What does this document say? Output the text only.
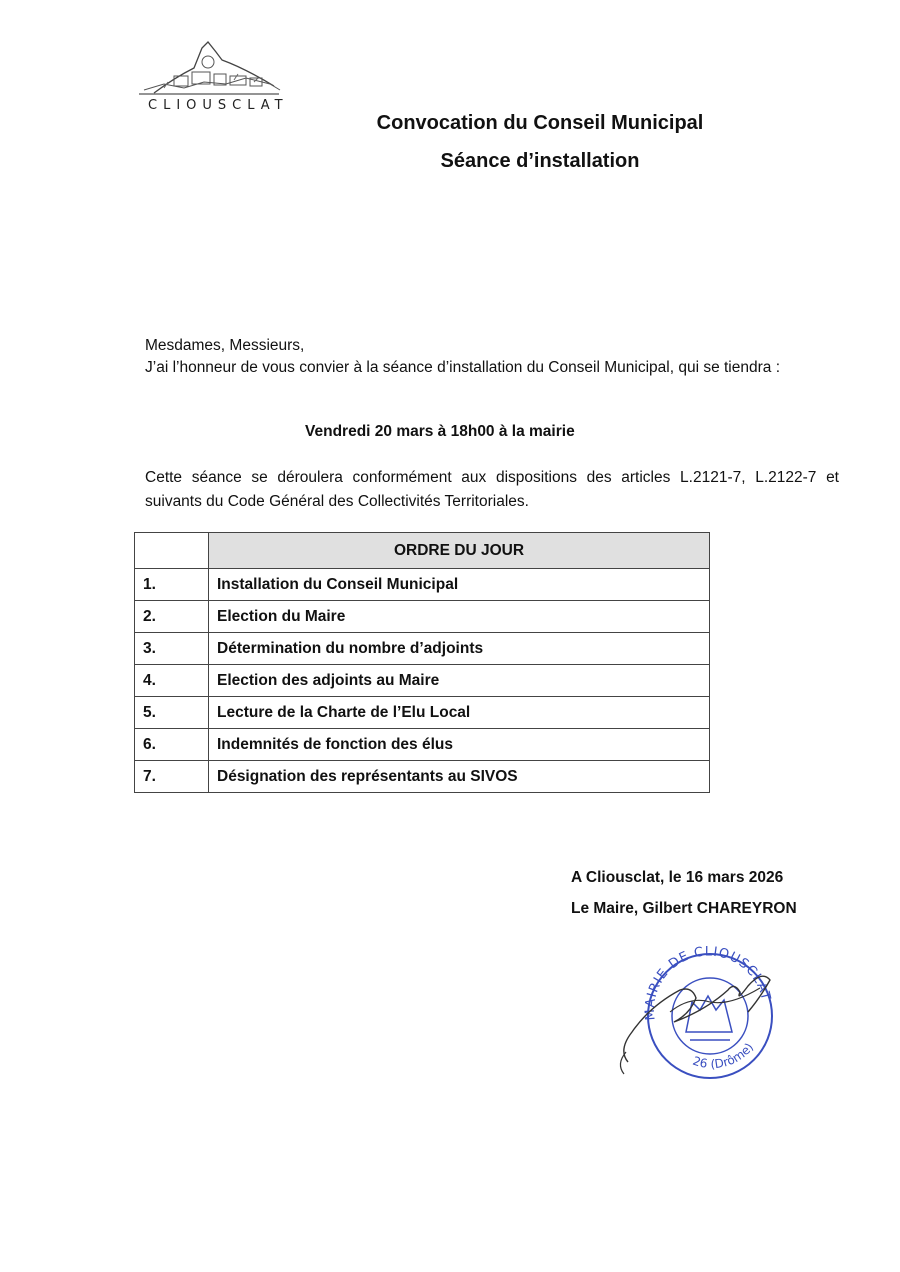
CLIOUSCLAT
Convocation du Conseil Municipal
Séance d’installation
Mesdames, Messieurs,
J’ai l’honneur de vous convier à la séance d’installation du Conseil Municipal, qui se tiendra :
Vendredi 20 mars à 18h00 à la mairie
Cette séance se déroulera conformément aux dispositions des articles L.2121-7, L.2122-7 et suivants du Code Général des Collectivités Territoriales.
	ORDRE DU JOUR
1.	Installation du Conseil Municipal
2.	Election du Maire
3.	Détermination du nombre d’adjoints
4.	Election des adjoints au Maire
5.	Lecture de la Charte de l’Elu Local
6.	Indemnités de fonction des élus
7.	Désignation des représentants au SIVOS
A Cliousclat, le 16 mars 2026
Le Maire, Gilbert CHAREYRON
MAIRIE DE CLIOUSCLAT
26 (Drôme)
